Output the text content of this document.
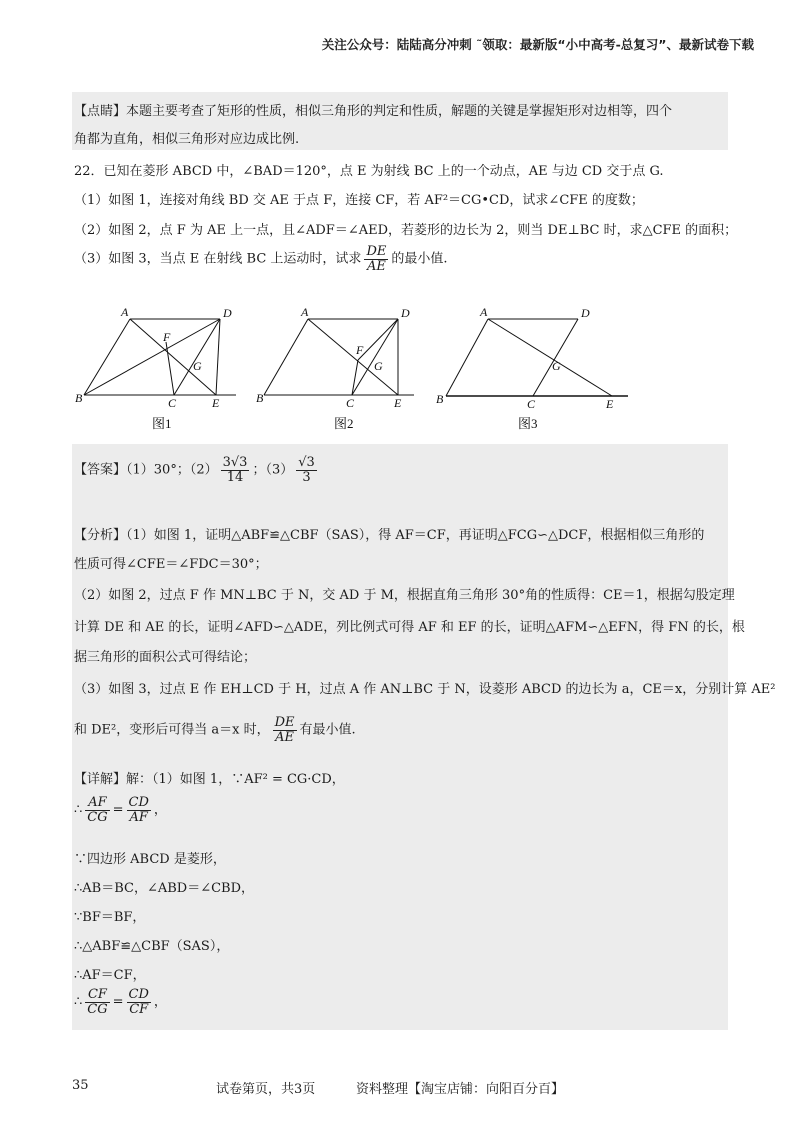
关注公众号：陆陆高分冲刺 ˜领取：最新版“小中高考-总复习”、最新试卷下载
【点睛】本题主要考查了矩形的性质，相似三角形的判定和性质，解题的关键是掌握矩形对边相等，四个
角都为直角，相似三角形对应边成比例.
22．已知在菱形 ABCD 中，∠BAD＝120°，点 E 为射线 BC 上的一个动点，AE 与边 CD 交于点 G.
（1）如图 1，连接对角线 BD 交 AE 于点 F，连接 CF，若 AF²＝CG•CD，试求∠CFE 的度数；
（2）如图 2，点 F 为 AE 上一点，且∠ADF＝∠AED，若菱形的边长为 2，则当 DE⊥BC 时，求△CFE 的面积；
（3）如图 3，当点 E 在射线 BC 上运动时，试求 $\frac{DE}{AE}$ 的最小值.
A	D
F
G
B	C	E
图1
A	D
F
G
B	C	E
图2
A	D
G
B	C	E
图3
【答案】（1）30°；$(2) \frac{3√3}{14}$ ；$(3) \frac{√3}{3}$
【分析】（1）如图 1，证明△ABF≌△CBF（SAS），得 AF＝CF，再证明△FCG∽△DCF，根据相似三角形的
性质可得∠CFE＝∠FDC＝30°；
（2）如图 2，过点 F 作 MN⊥BC 于 N，交 AD 于 M，根据直角三角形 30°角的性质得：CE＝1，根据勾股定理
计算 DE 和 AE 的长，证明∠AFD∽△ADE，列比例式可得 AF 和 EF 的长，证明△AFM∽△EFN，得 FN 的长，根
据三角形的面积公式可得结论；
（3）如图 3，过点 E 作 EH⊥CD 于 H，过点 A 作 AN⊥BC 于 N，设菱形 ABCD 的边长为 a，CE＝x，分别计算 AE²
和 DE²，变形后可得当 a＝x 时， $\frac{DE}{AE}$ 有最小值.
【详解】解：（1）如图 1，∵AF² = CG·CD，
∴ $\frac{AF}{CG} = \frac{CD}{AF}$ ，
∵四边形 ABCD 是菱形，
∴AB＝BC，∠ABD＝∠CBD，
∵BF＝BF，
∴△ABF≌△CBF（SAS），
∴AF＝CF，
∴ $\frac{CF}{CG} = \frac{CD}{CF}$ ，
35	试卷第页，共3页	资料整理【淘宝店铺：向阳百分百】
